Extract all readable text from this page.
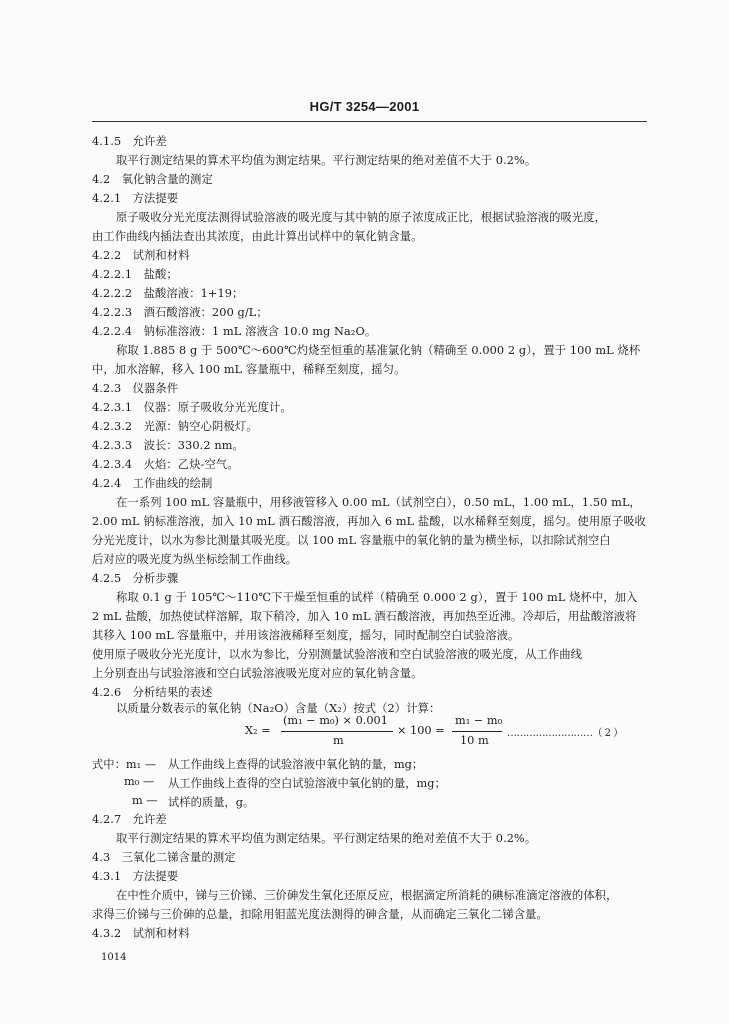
HG/T 3254—2001
4.1.5　允许差
取平行测定结果的算术平均值为测定结果。平行测定结果的绝对差值不大于 0.2%。
4.2　氧化钠含量的测定
4.2.1　方法提要
原子吸收分光光度法测得试验溶液的吸光度与其中钠的原子浓度成正比，根据试验溶液的吸光度，
由工作曲线内插法查出其浓度，由此计算出试样中的氧化钠含量。
4.2.2　试剂和材料
4.2.2.1　盐酸；
4.2.2.2　盐酸溶液：1+19；
4.2.2.3　酒石酸溶液：200 g/L；
4.2.2.4　钠标准溶液：1 mL 溶液含 10.0 mg Na₂O。
称取 1.885 8 g 于 500℃～600℃灼烧至恒重的基准氯化钠（精确至 0.000 2 g），置于 100 mL 烧杯
中，加水溶解，移入 100 mL 容量瓶中，稀释至刻度，摇匀。
4.2.3　仪器条件
4.2.3.1　仪器：原子吸收分光光度计。
4.2.3.2　光源：钠空心阴极灯。
4.2.3.3　波长：330.2 nm。
4.2.3.4　火焰：乙炔-空气。
4.2.4　工作曲线的绘制
在一系列 100 mL 容量瓶中，用移液管移入 0.00 mL（试剂空白），0.50 mL，1.00 mL，1.50 mL，
2.00 mL 钠标准溶液，加入 10 mL 酒石酸溶液，再加入 6 mL 盐酸，以水稀释至刻度，摇匀。使用原子吸收
分光光度计，以水为参比测量其吸光度。以 100 mL 容量瓶中的氧化钠的量为横坐标，以扣除试剂空白
后对应的吸光度为纵坐标绘制工作曲线。
4.2.5　分析步骤
称取 0.1 g 于 105℃～110℃下干燥至恒重的试样（精确至 0.000 2 g），置于 100 mL 烧杯中，加入
2 mL 盐酸，加热使试样溶解，取下稍冷，加入 10 mL 酒石酸溶液，再加热至近沸。冷却后，用盐酸溶液将
其移入 100 mL 容量瓶中，并用该溶液稀释至刻度，摇匀，同时配制空白试验溶液。
使用原子吸收分光光度计，以水为参比，分别测量试验溶液和空白试验溶液的吸光度，从工作曲线
上分别查出与试验溶液和空白试验溶液吸光度对应的氧化钠含量。
4.2.6　分析结果的表述
以质量分数表示的氧化钠（Na₂O）含量（X₂）按式（2）计算：
X₂ =
(m₁ − m₀) × 0.001
m
× 100 =
m₁ − m₀
10 m
………………………（ 2 ）
式中：m₁ — 从工作曲线上查得的试验溶液中氧化钠的量，mg；
m₀ — 从工作曲线上查得的空白试验溶液中氧化钠的量，mg；
m — 试样的质量，g。
4.2.7　允许差
取平行测定结果的算术平均值为测定结果。平行测定结果的绝对差值不大于 0.2%。
4.3　三氧化二锑含量的测定
4.3.1　方法提要
在中性介质中，锑与三价锑、三价砷发生氧化还原反应，根据滴定所消耗的碘标准滴定溶液的体积，
求得三价锑与三价砷的总量，扣除用钼蓝光度法测得的砷含量，从而确定三氧化二锑含量。
4.3.2　试剂和材料
1014
